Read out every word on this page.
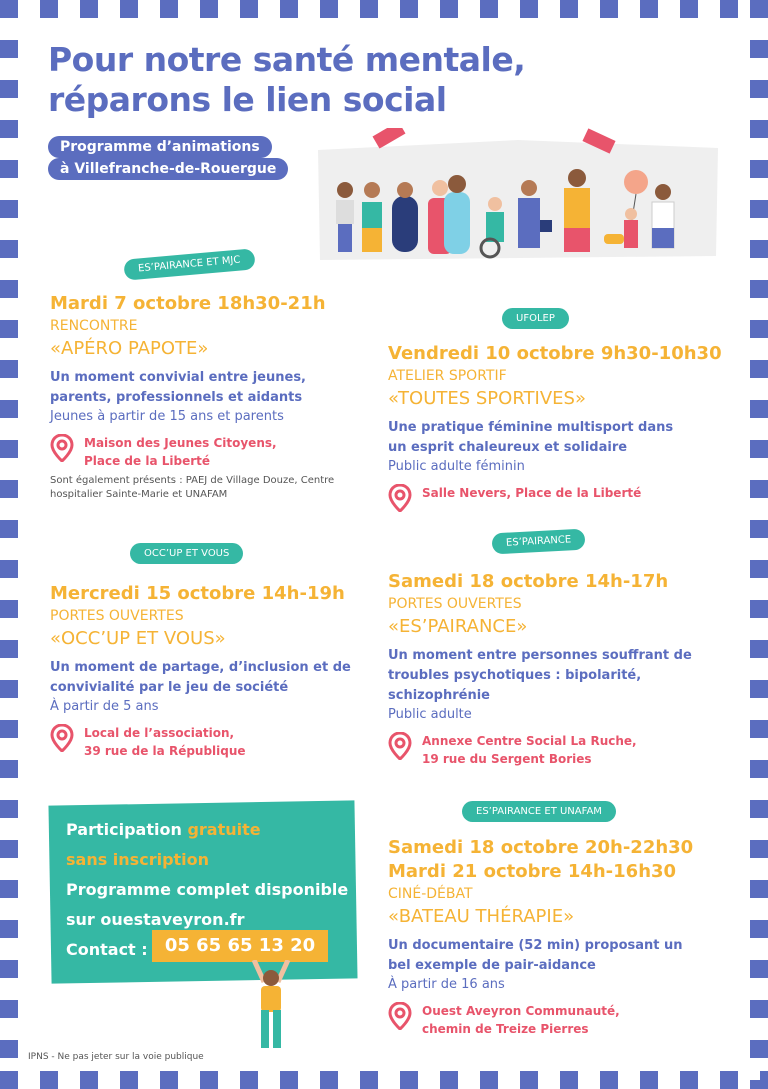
Pour notre santé mentale,
réparons le lien social
Programme d’animations
à Villefranche-de-Rouergue
ES’PAIRANCE ET MJC
Mardi 7 octobre 18h30-21h
RENCONTRE
«APÉRO PAPOTE»
Un moment convivial entre jeunes, parents, professionnels et aidants
Jeunes à partir de 15 ans et parents
Maison des Jeunes Citoyens,
Place de la Liberté
Sont également présents : PAEJ de Village Douze, Centre hospitalier Sainte-Marie et UNAFAM
UFOLEP
Vendredi 10 octobre 9h30-10h30
ATELIER SPORTIF
«TOUTES SPORTIVES»
Une pratique féminine multisport dans un esprit chaleureux et solidaire
Public adulte féminin
Salle Nevers, Place de la Liberté
OCC’UP ET VOUS
Mercredi 15 octobre 14h-19h
PORTES OUVERTES
«OCC’UP ET VOUS»
Un moment de partage, d’inclusion et de convivialité par le jeu de société
À partir de 5 ans
Local de l’association,
39 rue de la République
ES’PAIRANCE
Samedi 18 octobre 14h-17h
PORTES OUVERTES
«ES’PAIRANCE»
Un moment entre personnes souffrant de troubles psychotiques : bipolarité, schizophrénie
Public adulte
Annexe Centre Social La Ruche,
19 rue du Sergent Bories
ES’PAIRANCE ET UNAFAM
Samedi 18 octobre 20h-22h30
Mardi 21 octobre 14h-16h30
CINÉ-DÉBAT
«BATEAU THÉRAPIE»
Un documentaire (52 min) proposant un bel exemple de pair-aidance
À partir de 16 ans
Ouest Aveyron Communauté,
chemin de Treize Pierres
Participation gratuite
sans inscription
Programme complet disponible
sur ouestaveyron.fr
Contact : 05 65 65 13 20
IPNS - Ne pas jeter sur la voie publique
